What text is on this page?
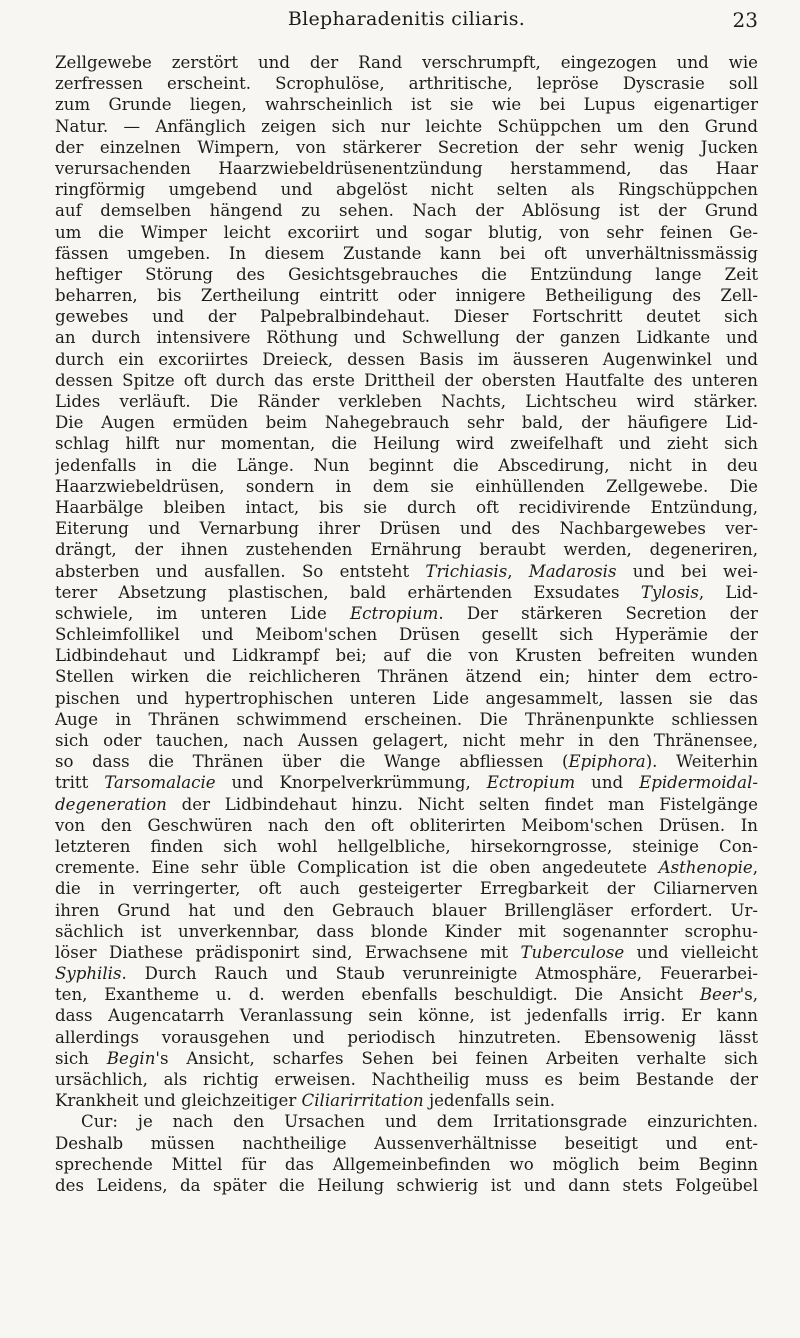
Blepharadenitis ciliaris.	23
Zellgewebe zerstört und der Rand verschrumpft, eingezogen und wie
zerfressen erscheint. Scrophulöse, arthritische, lepröse Dyscrasie soll
zum Grunde liegen, wahrscheinlich ist sie wie bei Lupus eigenartiger
Natur. — Anfänglich zeigen sich nur leichte Schüppchen um den Grund
der einzelnen Wimpern, von stärkerer Secretion der sehr wenig Jucken
verursachenden Haarzwiebeldrüsenentzündung herstammend, das Haar
ringförmig umgebend und abgelöst nicht selten als Ringschüppchen
auf demselben hängend zu sehen. Nach der Ablösung ist der Grund
um die Wimper leicht excoriirt und sogar blutig, von sehr feinen Ge-
fässen umgeben. In diesem Zustande kann bei oft unverhältnissmässig
heftiger Störung des Gesichtsgebrauches die Entzündung lange Zeit
beharren, bis Zertheilung eintritt oder innigere Betheiligung des Zell-
gewebes und der Palpebralbindehaut. Dieser Fortschritt deutet sich
an durch intensivere Röthung und Schwellung der ganzen Lidkante und
durch ein excoriirtes Dreieck, dessen Basis im äusseren Augenwinkel und
dessen Spitze oft durch das erste Drittheil der obersten Hautfalte des unteren
Lides verläuft. Die Ränder verkleben Nachts, Lichtscheu wird stärker.
Die Augen ermüden beim Nahegebrauch sehr bald, der häufigere Lid-
schlag hilft nur momentan, die Heilung wird zweifelhaft und zieht sich
jedenfalls in die Länge. Nun beginnt die Abscedirung, nicht in deu
Haarzwiebeldrüsen, sondern in dem sie einhüllenden Zellgewebe. Die
Haarbälge bleiben intact, bis sie durch oft recidivirende Entzündung,
Eiterung und Vernarbung ihrer Drüsen und des Nachbargewebes ver-
drängt, der ihnen zustehenden Ernährung beraubt werden, degeneriren,
absterben und ausfallen. So entsteht Trichiasis, Madarosis und bei wei-
terer Absetzung plastischen, bald erhärtenden Exsudates Tylosis, Lid-
schwiele, im unteren Lide Ectropium. Der stärkeren Secretion der
Schleimfollikel und Meibom'schen Drüsen gesellt sich Hyperämie der
Lidbindehaut und Lidkrampf bei; auf die von Krusten befreiten wunden
Stellen wirken die reichlicheren Thränen ätzend ein; hinter dem ectro-
pischen und hypertrophischen unteren Lide angesammelt, lassen sie das
Auge in Thränen schwimmend erscheinen. Die Thränenpunkte schliessen
sich oder tauchen, nach Aussen gelagert, nicht mehr in den Thränensee,
so dass die Thränen über die Wange abfliessen (Epiphora). Weiterhin
tritt Tarsomalacie und Knorpelverkrümmung, Ectropium und Epidermoidal-
degeneration der Lidbindehaut hinzu. Nicht selten findet man Fistelgänge
von den Geschwüren nach den oft obliterirten Meibom'schen Drüsen. In
letzteren finden sich wohl hellgelbliche, hirsekorngrosse, steinige Con-
cremente. Eine sehr üble Complication ist die oben angedeutete Asthenopie,
die in verringerter, oft auch gesteigerter Erregbarkeit der Ciliarnerven
ihren Grund hat und den Gebrauch blauer Brillengläser erfordert. Ur-
sächlich ist unverkennbar, dass blonde Kinder mit sogenannter scrophu-
löser Diathese prädisponirt sind, Erwachsene mit Tuberculose und vielleicht
Syphilis. Durch Rauch und Staub verunreinigte Atmosphäre, Feuerarbei-
ten, Exantheme u. d. werden ebenfalls beschuldigt. Die Ansicht Beer's,
dass Augencatarrh Veranlassung sein könne, ist jedenfalls irrig. Er kann
allerdings vorausgehen und periodisch hinzutreten. Ebensowenig lässt
sich Begin's Ansicht, scharfes Sehen bei feinen Arbeiten verhalte sich
ursächlich, als richtig erweisen. Nachtheilig muss es beim Bestande der
Krankheit und gleichzeitiger Ciliarirritation jedenfalls sein.
Cur: je nach den Ursachen und dem Irritationsgrade einzurichten.
Deshalb müssen nachtheilige Aussenverhältnisse beseitigt und ent-
sprechende Mittel für das Allgemeinbefinden wo möglich beim Beginn
des Leidens, da später die Heilung schwierig ist und dann stets Folgeübel
